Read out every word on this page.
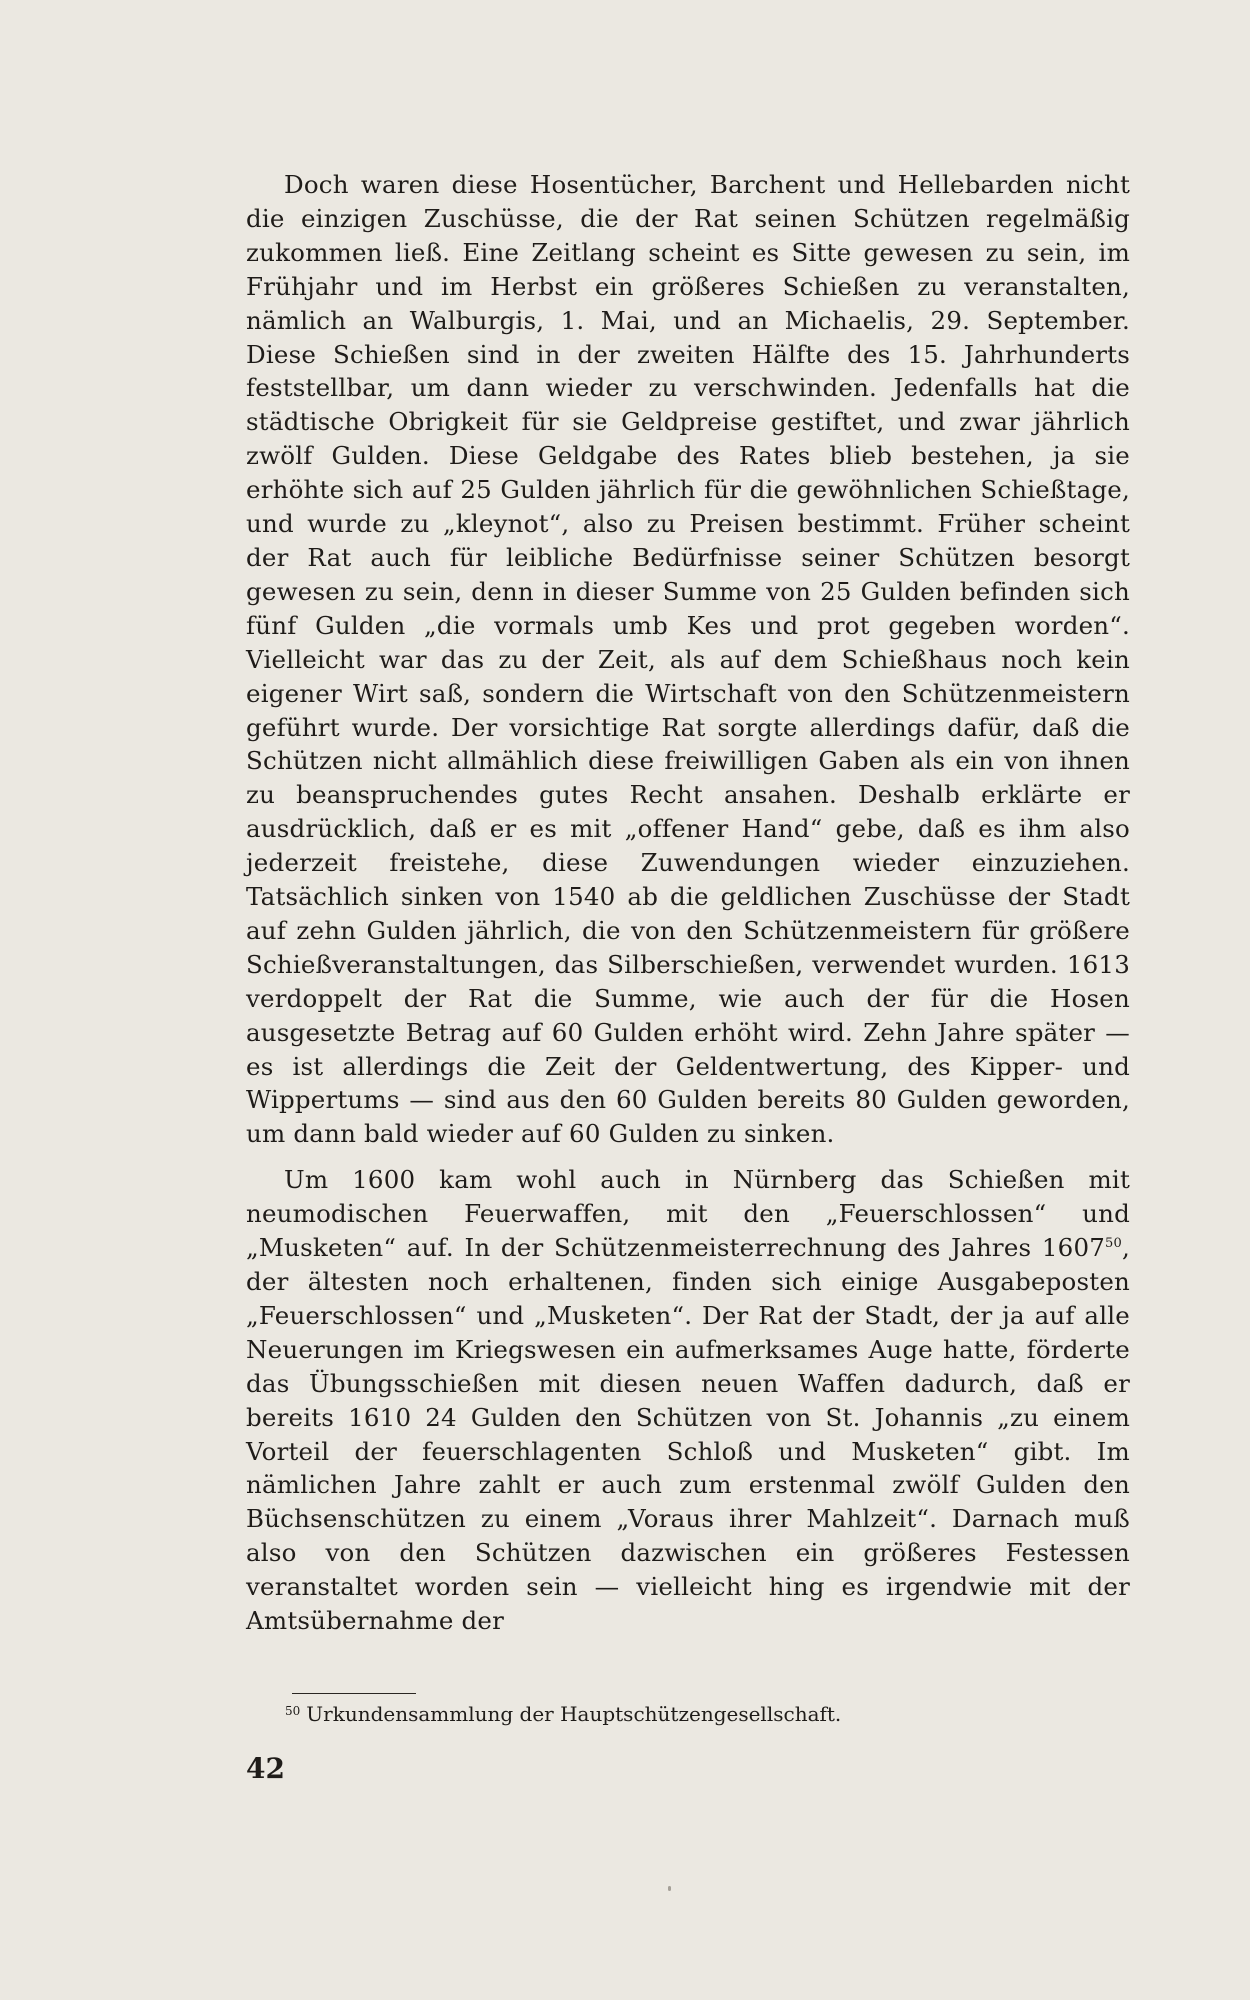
Doch waren diese Hosentücher, Barchent und Hellebarden nicht die einzigen Zuschüsse, die der Rat seinen Schützen regelmäßig zukommen ließ. Eine Zeitlang scheint es Sitte gewesen zu sein, im Frühjahr und im Herbst ein größeres Schießen zu veranstalten, nämlich an Walburgis, 1. Mai, und an Michaelis, 29. September. Diese Schießen sind in der zweiten Hälfte des 15. Jahrhunderts feststellbar, um dann wieder zu verschwinden. Jedenfalls hat die städtische Obrigkeit für sie Geldpreise gestiftet, und zwar jährlich zwölf Gulden. Diese Geldgabe des Rates blieb bestehen, ja sie erhöhte sich auf 25 Gulden jährlich für die gewöhnlichen Schießtage, und wurde zu „kleynot“, also zu Preisen bestimmt. Früher scheint der Rat auch für leibliche Bedürfnisse seiner Schützen besorgt gewesen zu sein, denn in dieser Summe von 25 Gulden befinden sich fünf Gulden „die vormals umb Kes und prot gegeben worden“. Vielleicht war das zu der Zeit, als auf dem Schießhaus noch kein eigener Wirt saß, sondern die Wirtschaft von den Schützenmeistern geführt wurde. Der vorsichtige Rat sorgte allerdings dafür, daß die Schützen nicht allmählich diese freiwilligen Gaben als ein von ihnen zu beanspruchendes gutes Recht ansahen. Deshalb erklärte er ausdrücklich, daß er es mit „offener Hand“ gebe, daß es ihm also jederzeit freistehe, diese Zuwendungen wieder einzuziehen. Tatsächlich sinken von 1540 ab die geldlichen Zuschüsse der Stadt auf zehn Gulden jährlich, die von den Schützenmeistern für größere Schießveranstaltungen, das Silberschießen, verwendet wurden. 1613 verdoppelt der Rat die Summe, wie auch der für die Hosen ausgesetzte Betrag auf 60 Gulden erhöht wird. Zehn Jahre später — es ist allerdings die Zeit der Geldentwertung, des Kipper- und Wippertums — sind aus den 60 Gulden bereits 80 Gulden geworden, um dann bald wieder auf 60 Gulden zu sinken.

Um 1600 kam wohl auch in Nürnberg das Schießen mit neumodischen Feuerwaffen, mit den „Feuerschlossen“ und „Musketen“ auf. In der Schützenmeisterrechnung des Jahres 1607$^{50}$, der ältesten noch erhaltenen, finden sich einige Ausgabeposten „Feuerschlossen“ und „Musketen“. Der Rat der Stadt, der ja auf alle Neuerungen im Kriegswesen ein aufmerksames Auge hatte, förderte das Übungsschießen mit diesen neuen Waffen dadurch, daß er bereits 1610 24 Gulden den Schützen von St. Johannis „zu einem Vorteil der feuerschlagenten Schloß und Musketen“ gibt. Im nämlichen Jahre zahlt er auch zum erstenmal zwölf Gulden den Büchsenschützen zu einem „Voraus ihrer Mahlzeit“. Darnach muß also von den Schützen dazwischen ein größeres Festessen veranstaltet worden sein — vielleicht hing es irgendwie mit der Amtsübernahme der

$^{50}$ Urkundensammlung der Hauptschützengesellschaft.
42
